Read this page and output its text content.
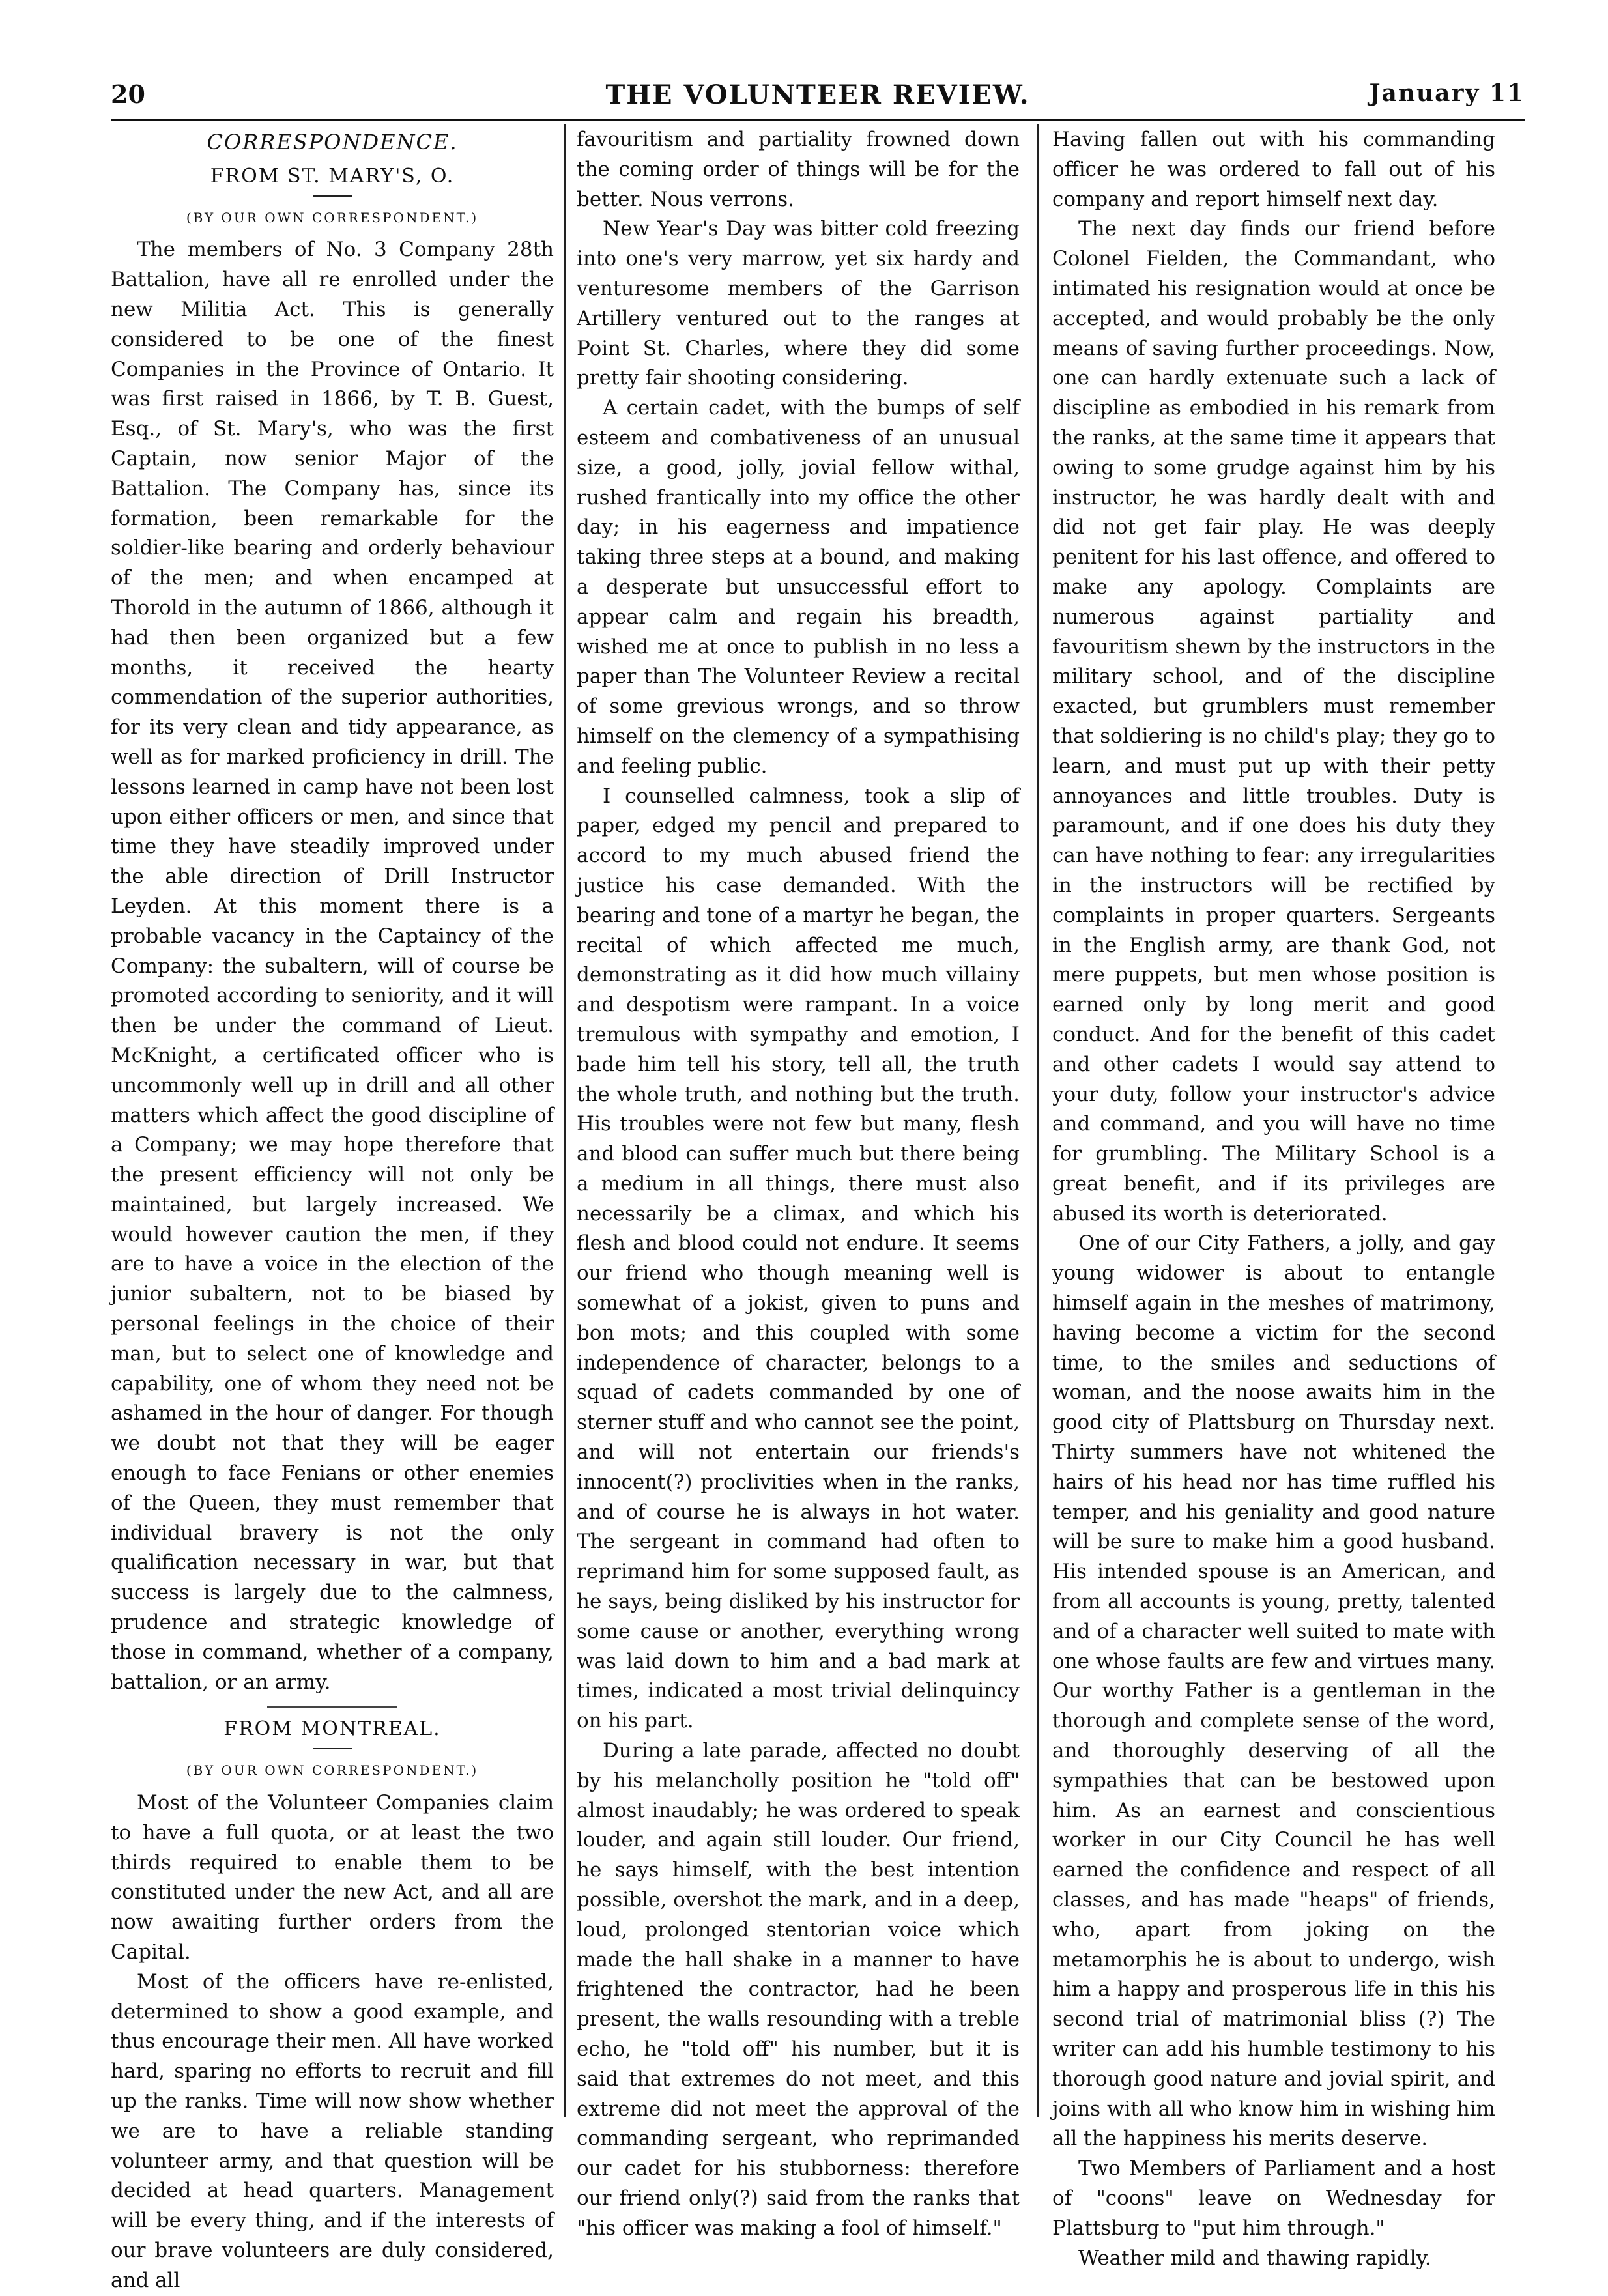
20	THE VOLUNTEER REVIEW.	January 11
CORRESPONDENCE.
FROM ST. MARY'S, O.
(BY OUR OWN CORRESPONDENT.)

The members of No. 3 Company 28th Battalion, have all re enrolled under the new Militia Act. This is generally considered to be one of the finest Companies in the Province of Ontario. It was first raised in 1866, by T. B. Guest, Esq., of St. Mary's, who was the first Captain, now senior Major of the Battalion. The Company has, since its formation, been remarkable for the soldier-like bearing and orderly behaviour of the men; and when encamped at Thorold in the autumn of 1866, although it had then been organized but a few months, it received the hearty commendation of the superior authorities, for its very clean and tidy appearance, as well as for marked proficiency in drill. The lessons learned in camp have not been lost upon either officers or men, and since that time they have steadily improved under the able direction of Drill Instructor Leyden. At this moment there is a probable vacancy in the Captaincy of the Company: the subaltern, will of course be promoted according to seniority, and it will then be under the command of Lieut. McKnight, a certificated officer who is uncommonly well up in drill and all other matters which affect the good discipline of a Company; we may hope therefore that the present efficiency will not only be maintained, but largely increased. We would however caution the men, if they are to have a voice in the election of the junior subaltern, not to be biased by personal feelings in the choice of their man, but to select one of knowledge and capability, one of whom they need not be ashamed in the hour of danger. For though we doubt not that they will be eager enough to face Fenians or other enemies of the Queen, they must remember that individual bravery is not the only qualification necessary in war, but that success is largely due to the calmness, prudence and strategic knowledge of those in command, whether of a company, battalion, or an army.

FROM MONTREAL.
(BY OUR OWN CORRESPONDENT.)

Most of the Volunteer Companies claim to have a full quota, or at least the two thirds required to enable them to be constituted under the new Act, and all are now awaiting further orders from the Capital.

Most of the officers have re-enlisted, determined to show a good example, and thus encourage their men. All have worked hard, sparing no efforts to recruit and fill up the ranks. Time will now show whether we are to have a reliable standing volunteer army, and that question will be decided at head quarters. Management will be every thing, and if the interests of our brave volunteers are duly considered, and all

favouritism and partiality frowned down the coming order of things will be for the better. Nous verrons.

New Year's Day was bitter cold freezing into one's very marrow, yet six hardy and venturesome members of the Garrison Artillery ventured out to the ranges at Point St. Charles, where they did some pretty fair shooting considering.

A certain cadet, with the bumps of self esteem and combativeness of an unusual size, a good, jolly, jovial fellow withal, rushed frantically into my office the other day; in his eagerness and impatience taking three steps at a bound, and making a desperate but unsuccessful effort to appear calm and regain his breadth, wished me at once to publish in no less a paper than The Volunteer Review a recital of some grevious wrongs, and so throw himself on the clemency of a sympathising and feeling public.

I counselled calmness, took a slip of paper, edged my pencil and prepared to accord to my much abused friend the justice his case demanded. With the bearing and tone of a martyr he began, the recital of which affected me much, demonstrating as it did how much villainy and despotism were rampant. In a voice tremulous with sympathy and emotion, I bade him tell his story, tell all, the truth the whole truth, and nothing but the truth. His troubles were not few but many, flesh and blood can suffer much but there being a medium in all things, there must also necessarily be a climax, and which his flesh and blood could not endure. It seems our friend who though meaning well is somewhat of a jokist, given to puns and bon mots; and this coupled with some independence of character, belongs to a squad of cadets commanded by one of sterner stuff and who cannot see the point, and will not entertain our friends's innocent(?) proclivities when in the ranks, and of course he is always in hot water. The sergeant in command had often to reprimand him for some supposed fault, as he says, being disliked by his instructor for some cause or another, everything wrong was laid down to him and a bad mark at times, indicated a most trivial delinquincy on his part.

During a late parade, affected no doubt by his melancholly position he "told off" almost inaudably; he was ordered to speak louder, and again still louder. Our friend, he says himself, with the best intention possible, overshot the mark, and in a deep, loud, prolonged stentorian voice which made the hall shake in a manner to have frightened the contractor, had he been present, the walls resounding with a treble echo, he "told off" his number, but it is said that extremes do not meet, and this extreme did not meet the approval of the commanding sergeant, who reprimanded our cadet for his stubborness: therefore our friend only(?) said from the ranks that "his officer was making a fool of himself."

Having fallen out with his commanding officer he was ordered to fall out of his company and report himself next day.

The next day finds our friend before Colonel Fielden, the Commandant, who intimated his resignation would at once be accepted, and would probably be the only means of saving further proceedings. Now, one can hardly extenuate such a lack of discipline as embodied in his remark from the ranks, at the same time it appears that owing to some grudge against him by his instructor, he was hardly dealt with and did not get fair play. He was deeply penitent for his last offence, and offered to make any apology. Complaints are numerous against partiality and favouritism shewn by the instructors in the military school, and of the discipline exacted, but grumblers must remember that soldiering is no child's play; they go to learn, and must put up with their petty annoyances and little troubles. Duty is paramount, and if one does his duty they can have nothing to fear: any irregularities in the instructors will be rectified by complaints in proper quarters. Sergeants in the English army, are thank God, not mere puppets, but men whose position is earned only by long merit and good conduct. And for the benefit of this cadet and other cadets I would say attend to your duty, follow your instructor's advice and command, and you will have no time for grumbling. The Military School is a great benefit, and if its privileges are abused its worth is deteriorated.

One of our City Fathers, a jolly, and gay young widower is about to entangle himself again in the meshes of matrimony, having become a victim for the second time, to the smiles and seductions of woman, and the noose awaits him in the good city of Plattsburg on Thursday next. Thirty summers have not whitened the hairs of his head nor has time ruffled his temper, and his geniality and good nature will be sure to make him a good husband. His intended spouse is an American, and from all accounts is young, pretty, talented and of a character well suited to mate with one whose faults are few and virtues many. Our worthy Father is a gentleman in the thorough and complete sense of the word, and thoroughly deserving of all the sympathies that can be bestowed upon him. As an earnest and conscientious worker in our City Council he has well earned the confidence and respect of all classes, and has made "heaps" of friends, who, apart from joking on the metamorphis he is about to undergo, wish him a happy and prosperous life in this his second trial of matrimonial bliss (?) The writer can add his humble testimony to his thorough good nature and jovial spirit, and joins with all who know him in wishing him all the happiness his merits deserve.

Two Members of Parliament and a host of "coons" leave on Wednesday for Plattsburg to "put him through."

Weather mild and thawing rapidly.
